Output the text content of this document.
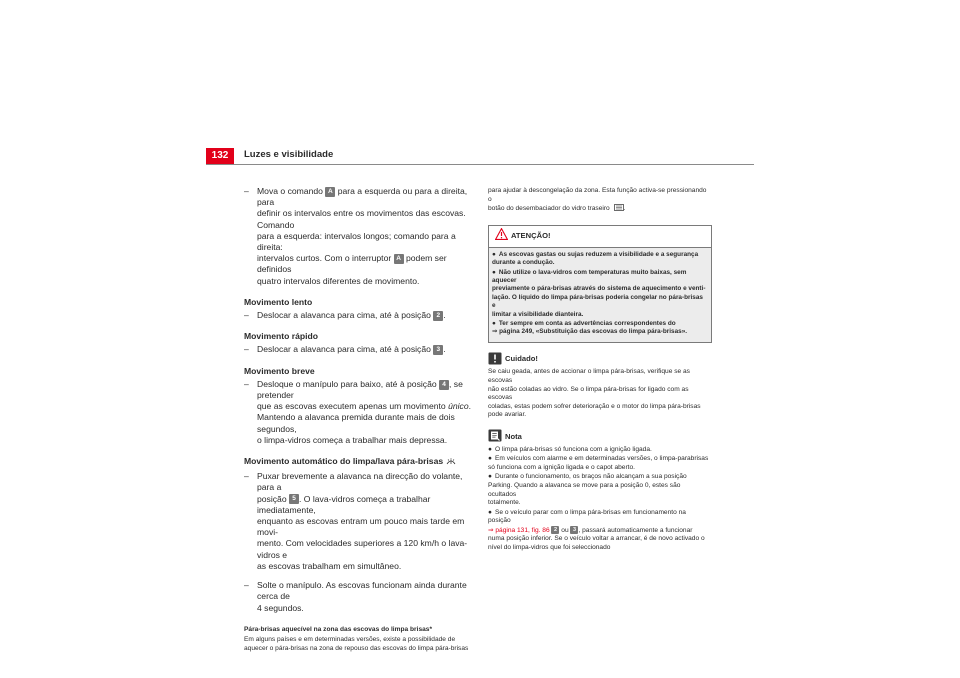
132	Luzes e visibilidade
– Mova o comando A para a esquerda ou para a direita, para
definir os intervalos entre os movimentos das escovas. Comando
para a esquerda: intervalos longos; comando para a direita:
intervalos curtos. Com o interruptor A podem ser definidos
quatro intervalos diferentes de movimento.
Movimento lento
– Deslocar a alavanca para cima, até à posição 2 .
Movimento rápido
– Deslocar a alavanca para cima, até à posição 3 .
Movimento breve
– Desloque o manípulo para baixo, até à posição 4 , se pretender
que as escovas executem apenas um movimento único.
Mantendo a alavanca premida durante mais de dois segundos,
o limpa-vidros começa a trabalhar mais depressa.
Movimento automático do limpa/lava pára-brisas
– Puxar brevemente a alavanca na direcção do volante, para a
posição 5 . O lava-vidros começa a trabalhar imediatamente,
enquanto as escovas entram um pouco mais tarde em movi-
mento. Com velocidades superiores a 120 km/h o lava-vidros e
as escovas trabalham em simultâneo.
– Solte o manípulo. As escovas funcionam ainda durante cerca de
4 segundos.
Pára-brisas aquecível na zona das escovas do limpa brisas*
Em alguns países e em determinadas versões, existe a possibilidade de
aquecer o pára-brisas na zona de repouso das escovas do limpa pára-brisas
para ajudar à descongelação da zona. Esta função activa-se pressionando o
botão do desembaciador do vidro traseiro .
ATENÇÃO!
● As escovas gastas ou sujas reduzem a visibilidade e a segurança
durante a condução.
● Não utilize o lava-vidros com temperaturas muito baixas, sem aquecer
previamente o pára-brisas através do sistema de aquecimento e venti-
lação. O líquido do limpa pára-brisas poderia congelar no pára-brisas e
limitar a visibilidade dianteira.
● Ter sempre em conta as advertências correspondentes do
⇒ página 249, «Substituição das escovas do limpa pára-brisas».
Cuidado!
Se caiu geada, antes de accionar o limpa pára-brisas, verifique se as escovas
não estão coladas ao vidro. Se o limpa pára-brisas for ligado com as escovas
coladas, estas podem sofrer deterioração e o motor do limpa pára-brisas
pode avariar.
Nota
● O limpa pára-brisas só funciona com a ignição ligada.
● Em veículos com alarme e em determinadas versões, o limpa-parabrisas
só funciona com a ignição ligada e o capot aberto.
● Durante o funcionamento, os braços não alcançam a sua posição
Parking. Quando a alavanca se move para a posição 0, estes são ocultados
totalmente.
● Se o veículo parar com o limpa pára-brisas em funcionamento na posição
⇒ página 131, fig. 86 2 ou 3 , passará automaticamente a funcionar
numa posição inferior. Se o veículo voltar a arrancar, é de novo activado o
nível do limpa-vidros que foi seleccionado
